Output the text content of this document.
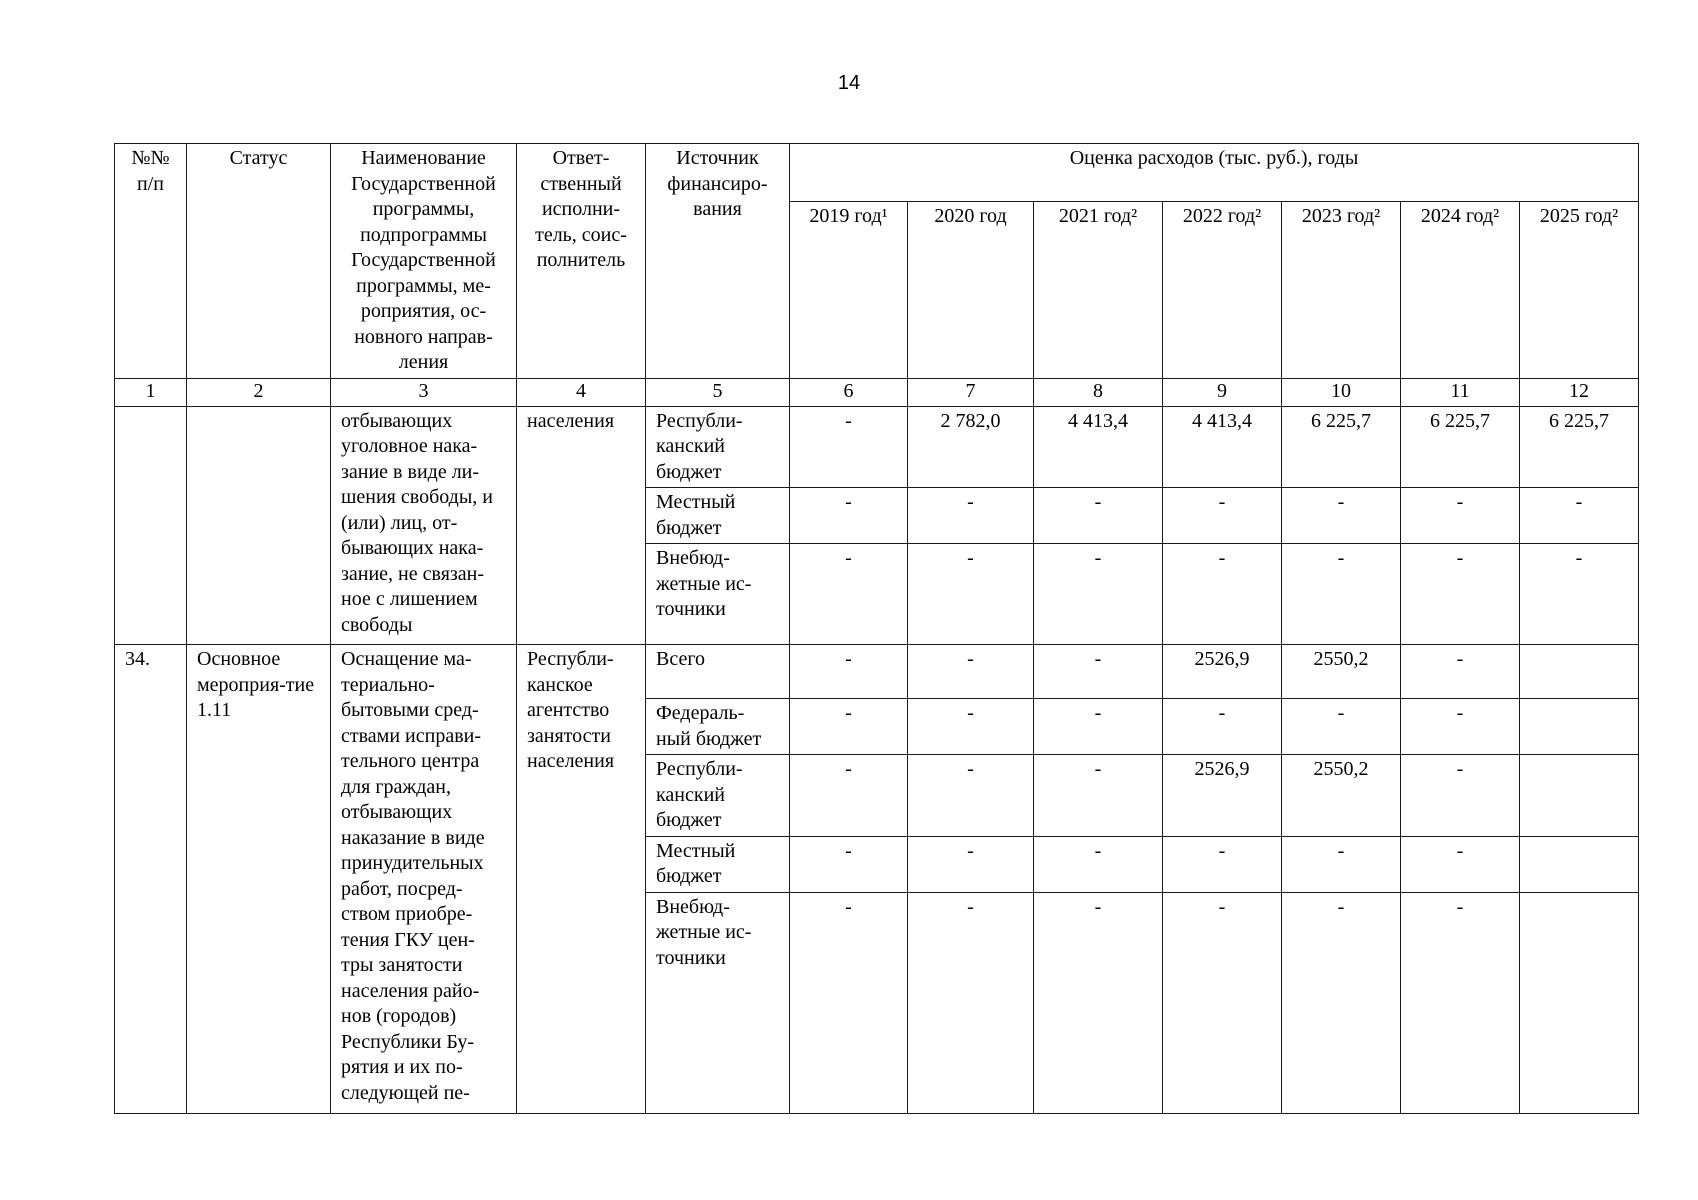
14
№№
п/п	Статус	Наименование Государственной программы, подпрограммы Государственной программы, ме-роприятия, ос-новного направ-ления	Ответ-ственный исполни-тель, соис-полнитель	Источник финансиро-вания	Оценка расходов (тыс. руб.), годы						
					2019 год¹	2020 год	2021 год²	2022 год²	2023 год²	2024 год²	2025 год²
1	2	3	4	5	6	7	8	9	10	11	12
		отбывающих уголовное нака-зание в виде ли-шения свободы, и (или) лиц, от-бывающих нака-зание, не связан-ное с лишением свободы	населения	Республи-канский бюджет	-	2 782,0	4 413,4	4 413,4	6 225,7	6 225,7	6 225,7
				Местный бюджет	-	-	-	-	-	-	-
				Внебюд-жетные ис-точники	-	-	-	-	-	-	-
34.	Основное мероприя-тие 1.11	Оснащение ма-териально-бытовыми сред-ствами исправи-тельного центра для граждан, отбывающих наказание в виде принудительных работ, посред-ством приобре-тения ГКУ цен-тры занятости населения райо-нов (городов) Республики Бу-рятия и их по-следующей пе-	Республи-канское агентство занятости населения	Всего	-	-	-	2526,9	2550,2	-	
				Федераль-ный бюджет	-	-	-	-	-	-	
				Республи-канский бюджет	-	-	-	2526,9	2550,2	-	
				Местный бюджет	-	-	-	-	-	-	
				Внебюд-жетные ис-точники	-	-	-	-	-	-	
